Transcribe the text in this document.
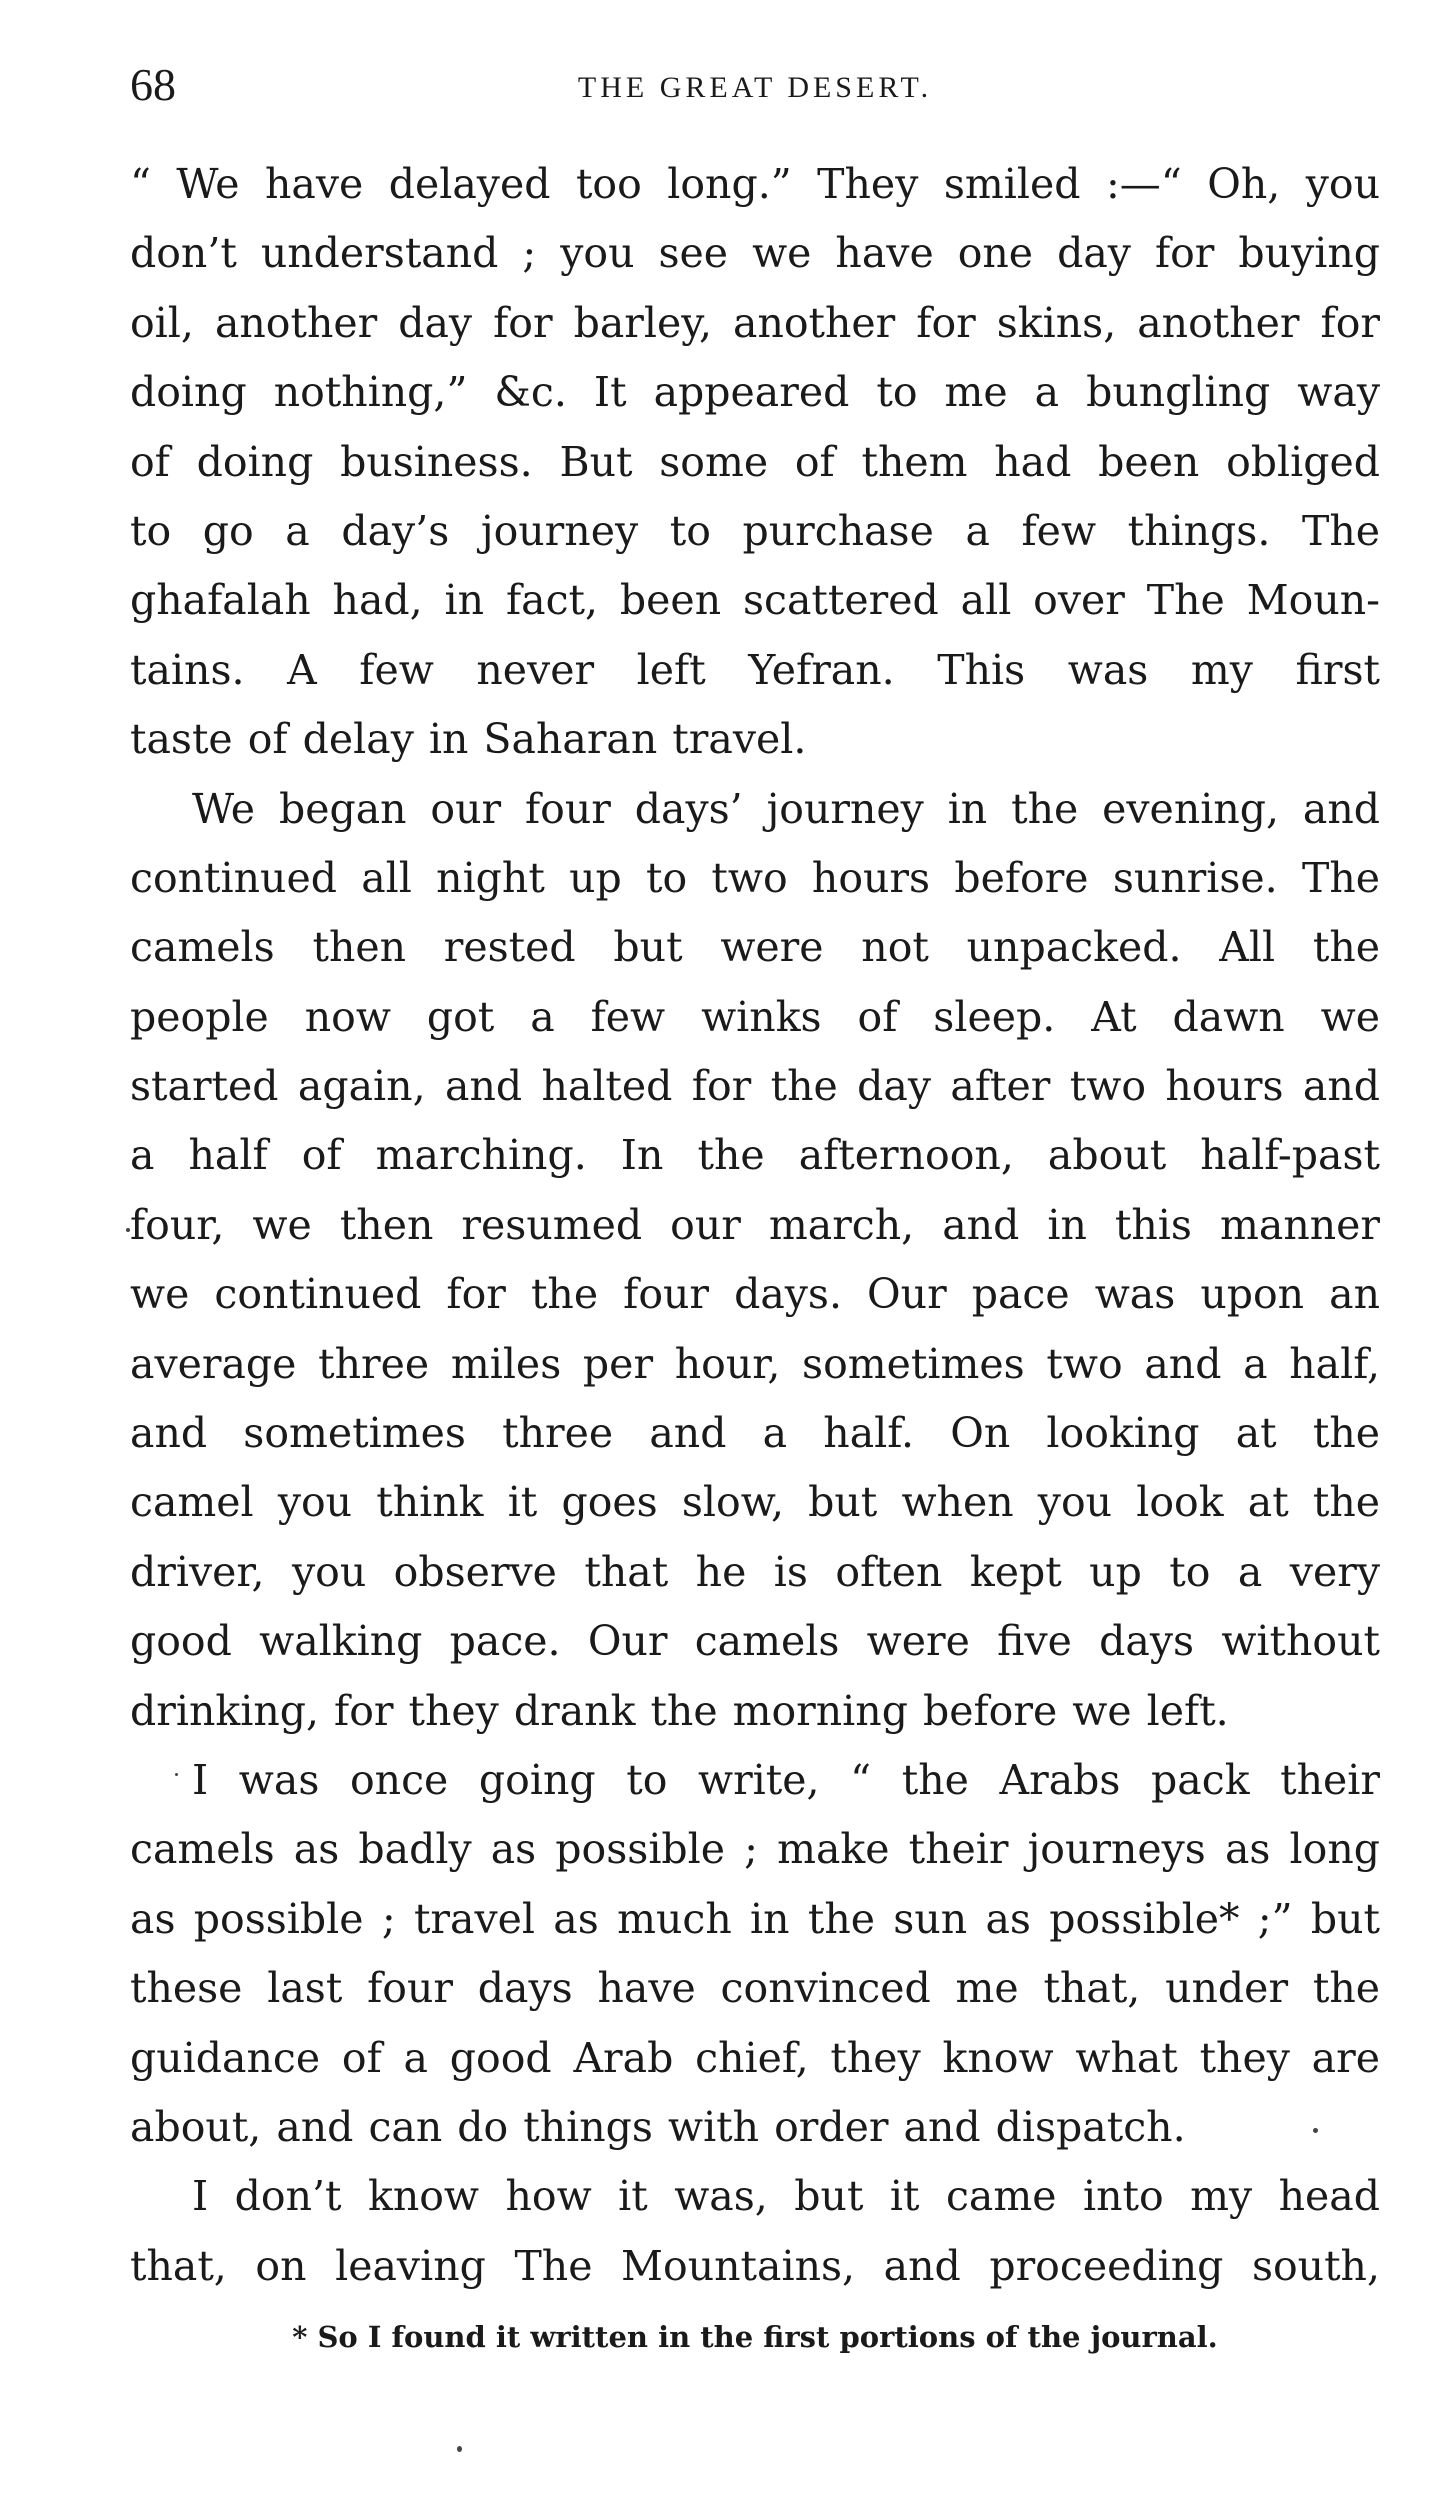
68	THE GREAT DESERT.
“ We have delayed too long.” They smiled :—“ Oh, you
don’t understand ; you see we have one day for buying
oil, another day for barley, another for skins, another for
doing nothing,” &c. It appeared to me a bungling way
of doing business. But some of them had been obliged
to go a day’s journey to purchase a few things. The
ghafalah had, in fact, been scattered all over The Moun-
tains. A few never left Yefran. This was my first
taste of delay in Saharan travel.
We began our four days’ journey in the evening, and
continued all night up to two hours before sunrise. The
camels then rested but were not unpacked. All the
people now got a few winks of sleep. At dawn we
started again, and halted for the day after two hours and
a half of marching. In the afternoon, about half-past
four, we then resumed our march, and in this manner
we continued for the four days. Our pace was upon an
average three miles per hour, sometimes two and a half,
and sometimes three and a half. On looking at the
camel you think it goes slow, but when you look at the
driver, you observe that he is often kept up to a very
good walking pace. Our camels were five days without
drinking, for they drank the morning before we left.
I was once going to write, “ the Arabs pack their
camels as badly as possible ; make their journeys as long
as possible ; travel as much in the sun as possible* ;” but
these last four days have convinced me that, under the
guidance of a good Arab chief, they know what they are
about, and can do things with order and dispatch.
I don’t know how it was, but it came into my head
that, on leaving The Mountains, and proceeding south,
* So I found it written in the first portions of the journal.
